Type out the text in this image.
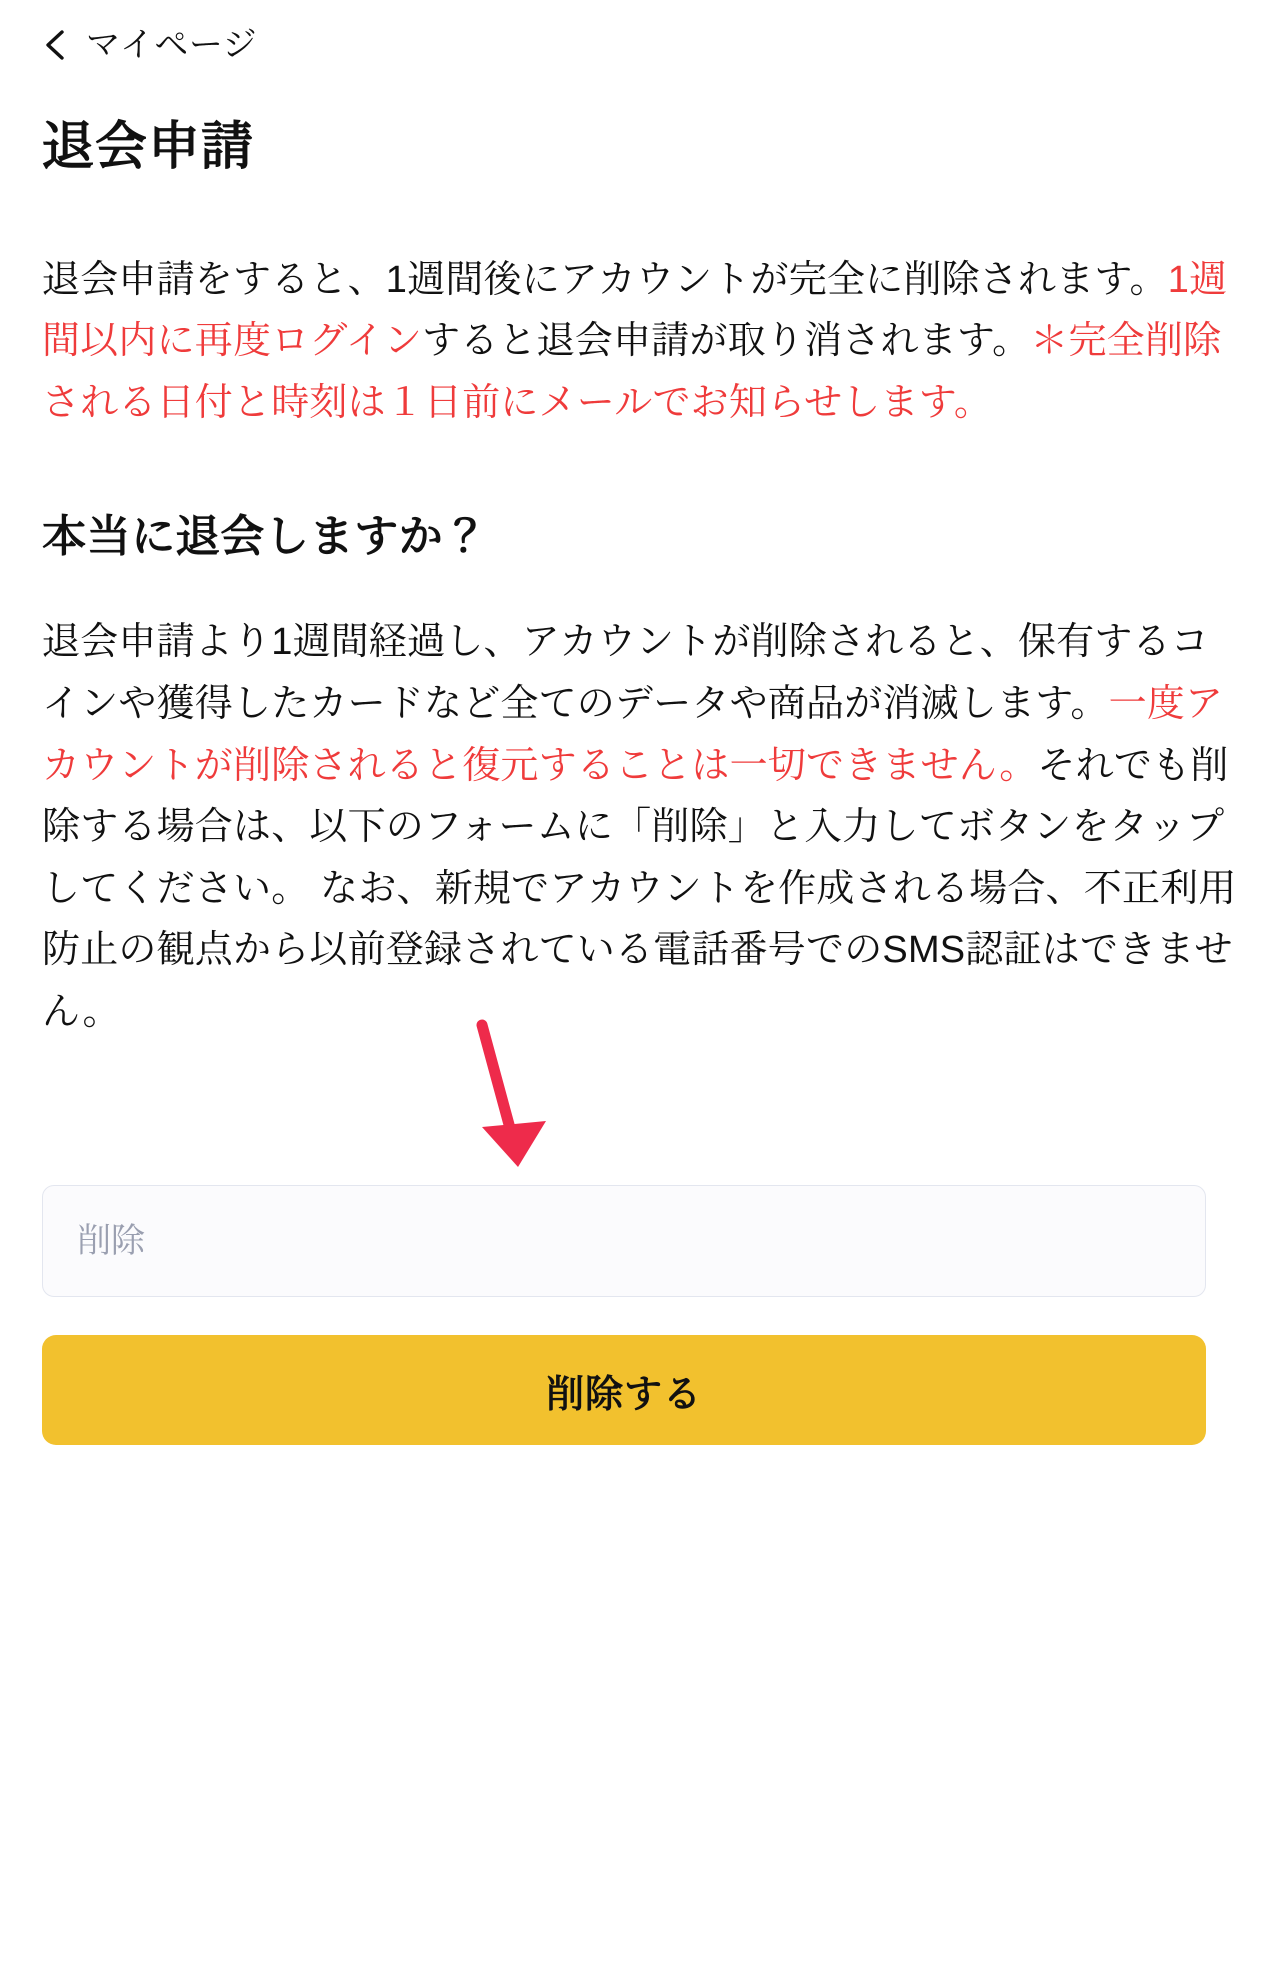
マイページ
退会申請

退会申請をすると、1週間後にアカウントが完全に削除されます。1週間以内に再度ログインすると退会申請が取り消されます。＊完全削除される日付と時刻は１日前にメールでお知らせします。

本当に退会しますか？

退会申請より1週間経過し、アカウントが削除されると、保有するコインや獲得したカードなど全てのデータや商品が消滅します。一度アカウントが削除されると復元することは一切できません。それでも削除する場合は、以下のフォームに「削除」と入力してボタンをタップしてください。 なお、新規でアカウントを作成される場合、不正利用防止の観点から以前登録されている電話番号でのSMS認証はできません。

削除
削除する
